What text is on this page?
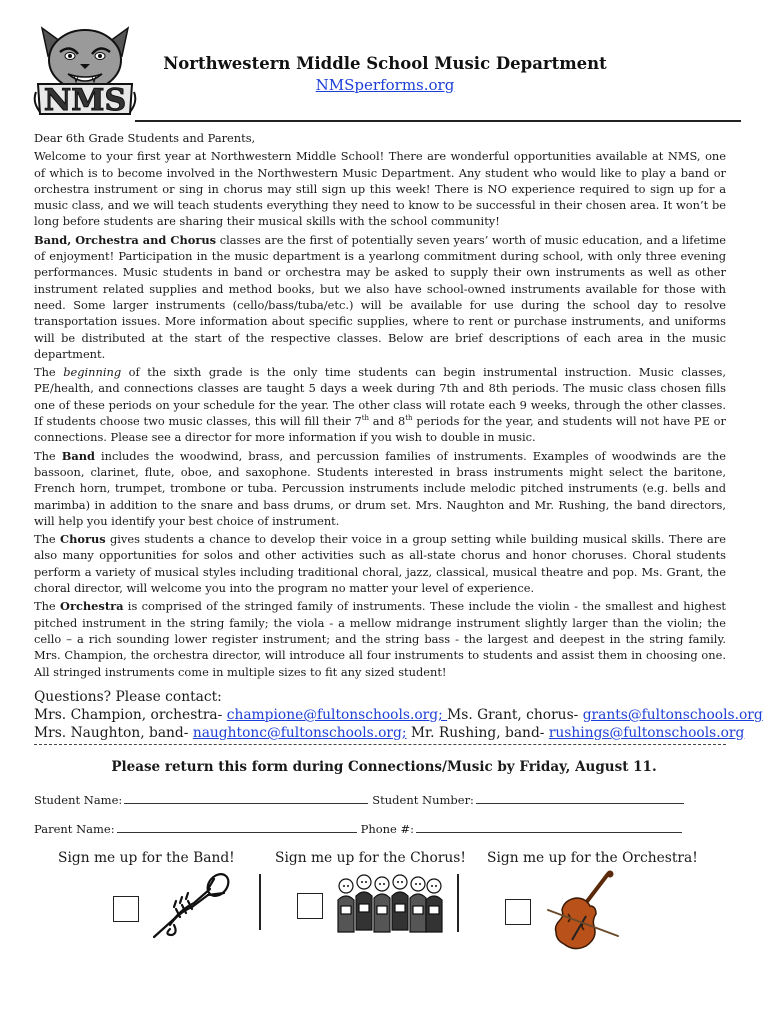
NMS
Northwestern Middle School Music Department
NMSperforms.org

Dear 6th Grade Students and Parents,

Welcome to your first year at Northwestern Middle School! There are wonderful opportunities available at NMS, one of which is to become involved in the Northwestern Music Department. Any student who would like to play a band or orchestra instrument or sing in chorus may still sign up this week! There is NO experience required to sign up for a music class, and we will teach students everything they need to know to be successful in their chosen area. It won’t be long before students are sharing their musical skills with the school community!

Band, Orchestra and Chorus classes are the first of potentially seven years’ worth of music education, and a lifetime of enjoyment! Participation in the music department is a yearlong commitment during school, with only three evening performances. Music students in band or orchestra may be asked to supply their own instruments as well as other instrument related supplies and method books, but we also have school-owned instruments available for those with need. Some larger instruments (cello/bass/tuba/etc.) will be available for use during the school day to resolve transportation issues. More information about specific supplies, where to rent or purchase instruments, and uniforms will be distributed at the start of the respective classes. Below are brief descriptions of each area in the music department.

The beginning of the sixth grade is the only time students can begin instrumental instruction. Music classes, PE/health, and connections classes are taught 5 days a week during 7th and 8th periods. The music class chosen fills one of these periods on your schedule for the year. The other class will rotate each 9 weeks, through the other classes. If students choose two music classes, this will fill their 7th and 8th periods for the year, and students will not have PE or connections. Please see a director for more information if you wish to double in music.

The Band includes the woodwind, brass, and percussion families of instruments. Examples of woodwinds are the bassoon, clarinet, flute, oboe, and saxophone. Students interested in brass instruments might select the baritone, French horn, trumpet, trombone or tuba. Percussion instruments include melodic pitched instruments (e.g. bells and marimba) in addition to the snare and bass drums, or drum set. Mrs. Naughton and Mr. Rushing, the band directors, will help you identify your best choice of instrument.

The Chorus gives students a chance to develop their voice in a group setting while building musical skills. There are also many opportunities for solos and other activities such as all-state chorus and honor choruses. Choral students perform a variety of musical styles including traditional choral, jazz, classical, musical theatre and pop. Ms. Grant, the choral director, will welcome you into the program no matter your level of experience.

The Orchestra is comprised of the stringed family of instruments. These include the violin - the smallest and highest pitched instrument in the string family; the viola - a mellow midrange instrument slightly larger than the violin; the cello – a rich sounding lower register instrument; and the string bass - the largest and deepest in the string family. Mrs. Champion, the orchestra director, will introduce all four instruments to students and assist them in choosing one. All stringed instruments come in multiple sizes to fit any sized student!

Questions? Please contact:
Mrs. Champion, orchestra- champione@fultonschools.org; Ms. Grant, chorus- grants@fultonschools.org
Mrs. Naughton, band- naughtonc@fultonschools.org; Mr. Rushing, band- rushings@fultonschools.org
Please return this form during Connections/Music by Friday, August 11.
Student Name:	Student Number:
Parent Name:	Phone #:
Sign me up for the Band!	Sign me up for the Chorus! Sign me up for the Orchestra!
